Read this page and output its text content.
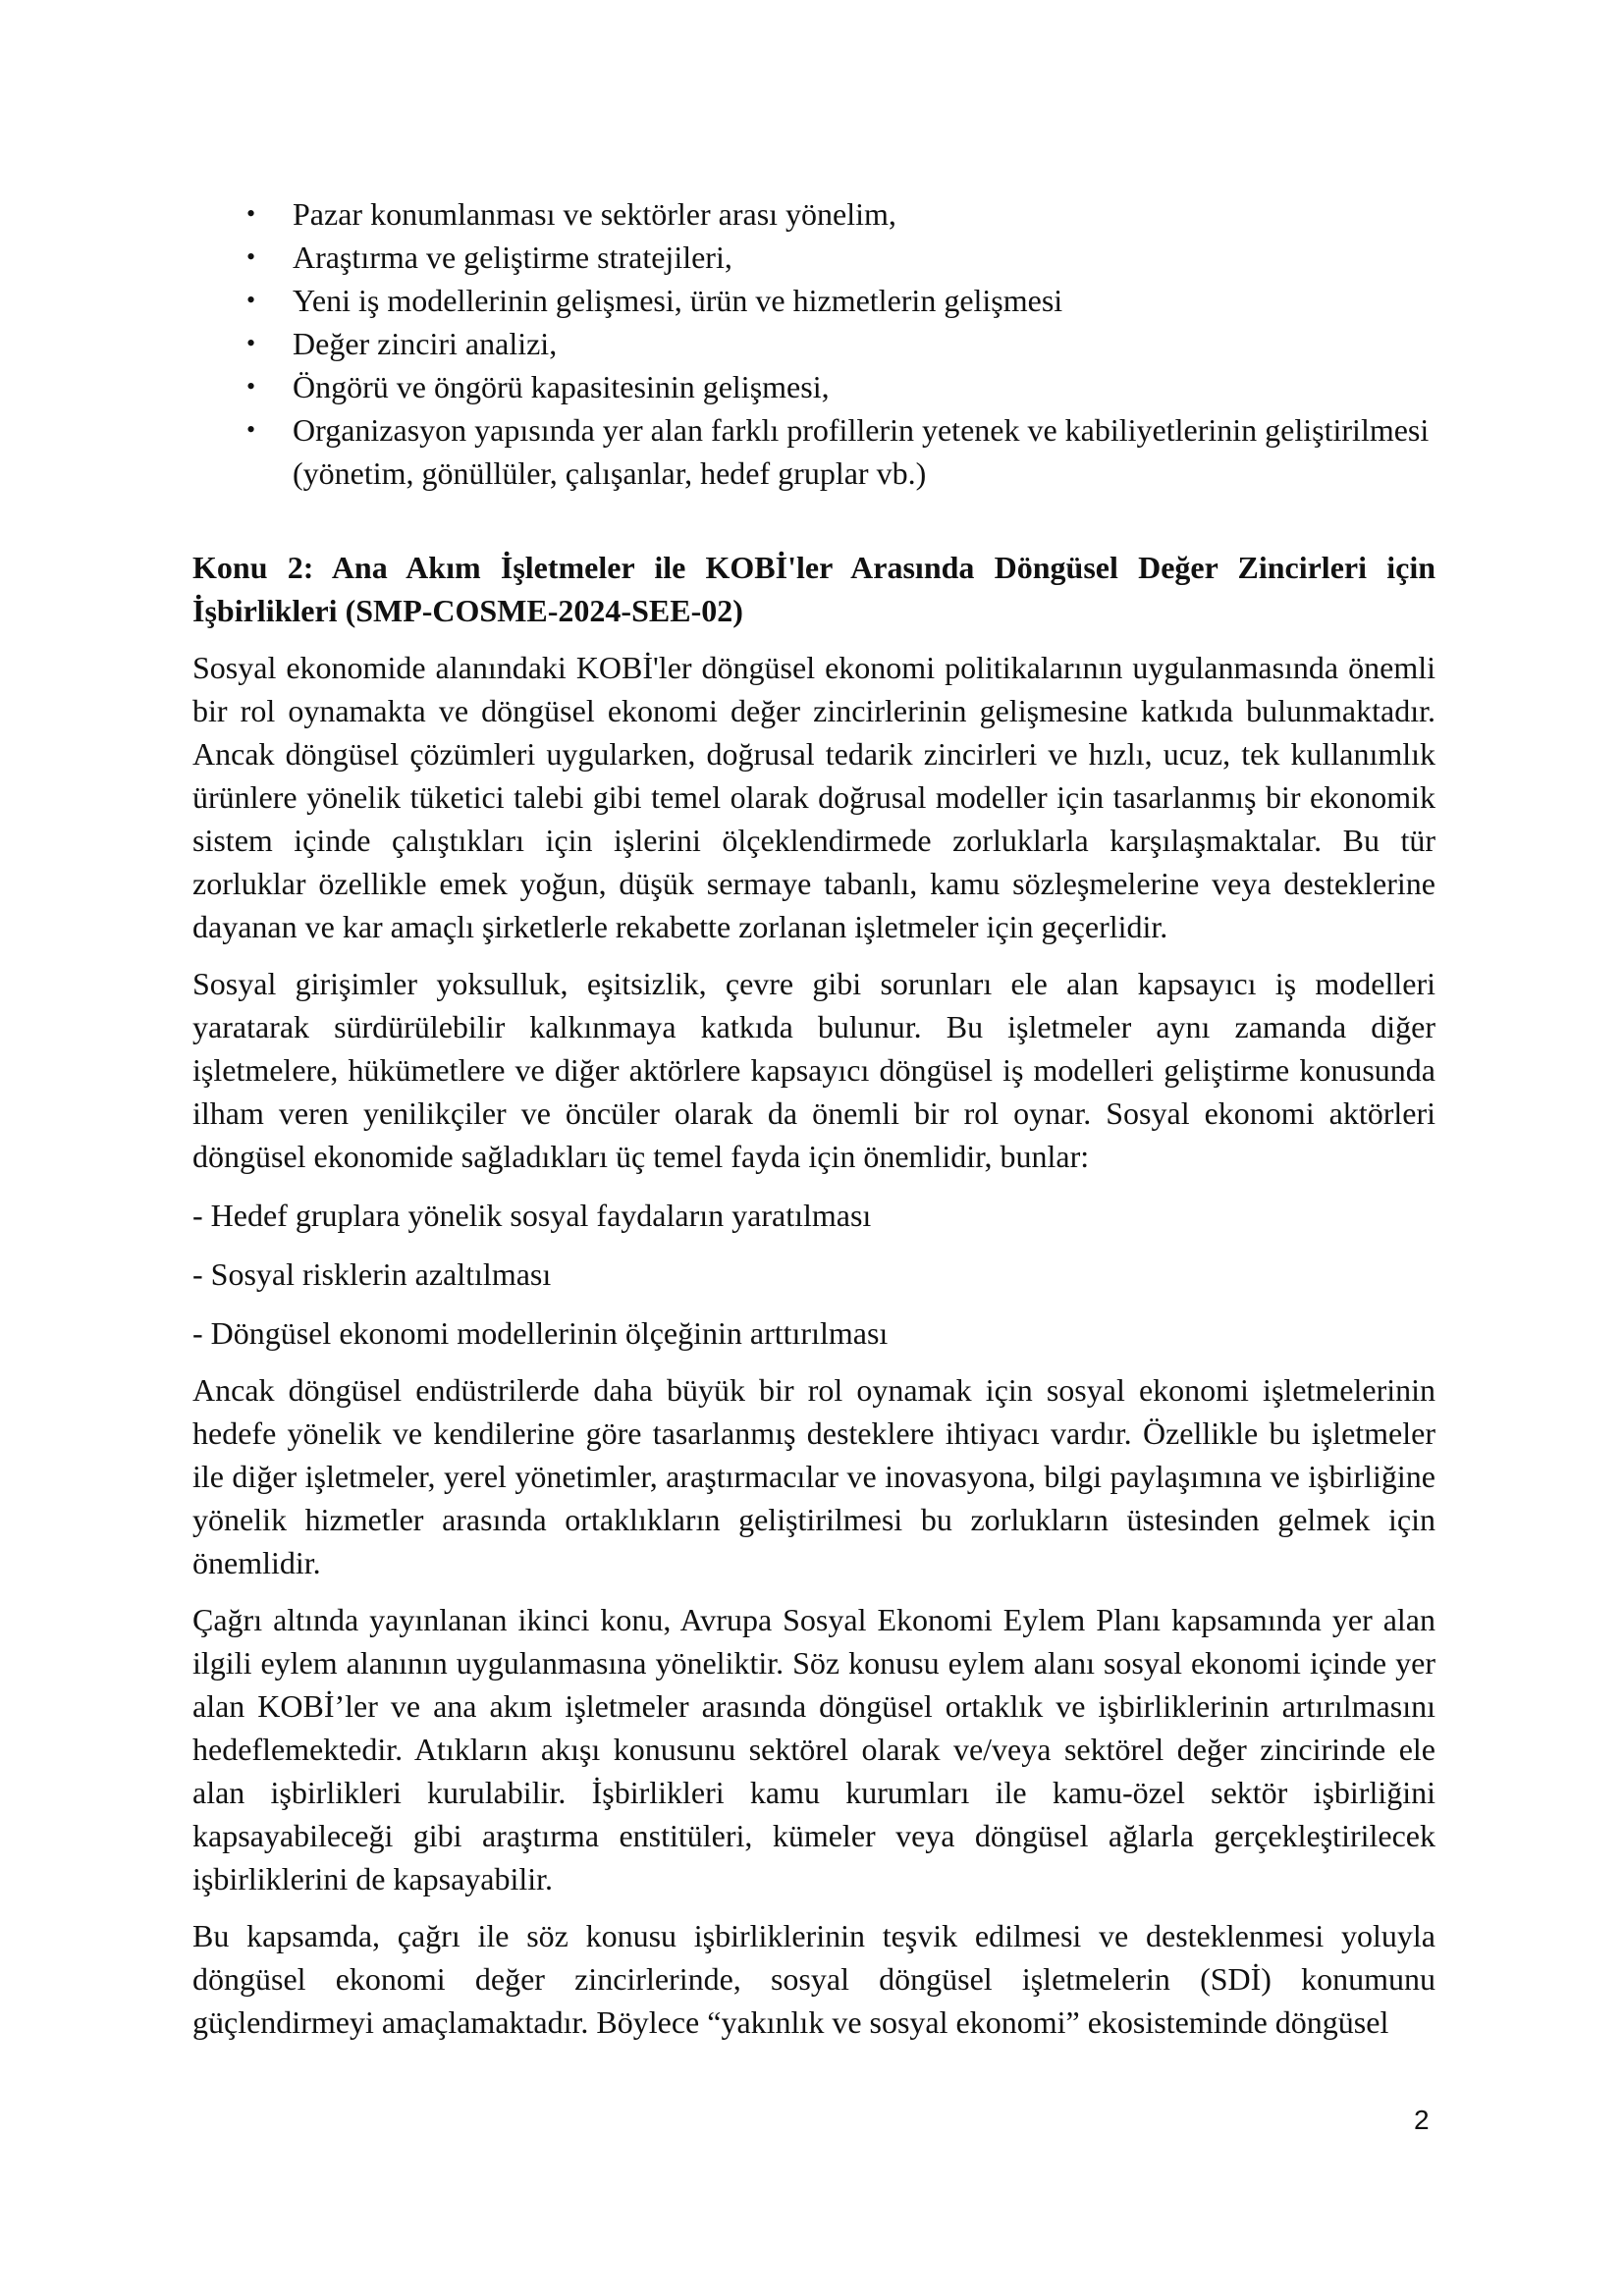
• Pazar konumlanması ve sektörler arası yönelim,
• Araştırma ve geliştirme stratejileri,
• Yeni iş modellerinin gelişmesi, ürün ve hizmetlerin gelişmesi
• Değer zinciri analizi,
• Öngörü ve öngörü kapasitesinin gelişmesi,
• Organizasyon yapısında yer alan farklı profillerin yetenek ve kabiliyetlerinin geliştirilmesi (yönetim, gönüllüler, çalışanlar, hedef gruplar vb.)
Konu 2: Ana Akım İşletmeler ile KOBİ'ler Arasında Döngüsel Değer Zincirleri için İşbirlikleri (SMP-COSME-2024-SEE-02)

Sosyal ekonomide alanındaki KOBİ'ler döngüsel ekonomi politikalarının uygulanmasında önemli bir rol oynamakta ve döngüsel ekonomi değer zincirlerinin gelişmesine katkıda bulunmaktadır. Ancak döngüsel çözümleri uygularken, doğrusal tedarik zincirleri ve hızlı, ucuz, tek kullanımlık ürünlere yönelik tüketici talebi gibi temel olarak doğrusal modeller için tasarlanmış bir ekonomik sistem içinde çalıştıkları için işlerini ölçeklendirmede zorluklarla karşılaşmaktalar. Bu tür zorluklar özellikle emek yoğun, düşük sermaye tabanlı, kamu sözleşmelerine veya desteklerine dayanan ve kar amaçlı şirketlerle rekabette zorlanan işletmeler için geçerlidir.

Sosyal girişimler yoksulluk, eşitsizlik, çevre gibi sorunları ele alan kapsayıcı iş modelleri yaratarak sürdürülebilir kalkınmaya katkıda bulunur. Bu işletmeler aynı zamanda diğer işletmelere, hükümetlere ve diğer aktörlere kapsayıcı döngüsel iş modelleri geliştirme konusunda ilham veren yenilikçiler ve öncüler olarak da önemli bir rol oynar. Sosyal ekonomi aktörleri döngüsel ekonomide sağladıkları üç temel fayda için önemlidir, bunlar:

- Hedef gruplara yönelik sosyal faydaların yaratılması

- Sosyal risklerin azaltılması

- Döngüsel ekonomi modellerinin ölçeğinin arttırılması

Ancak döngüsel endüstrilerde daha büyük bir rol oynamak için sosyal ekonomi işletmelerinin hedefe yönelik ve kendilerine göre tasarlanmış desteklere ihtiyacı vardır. Özellikle bu işletmeler ile diğer işletmeler, yerel yönetimler, araştırmacılar ve inovasyona, bilgi paylaşımına ve işbirliğine yönelik hizmetler arasında ortaklıkların geliştirilmesi bu zorlukların üstesinden gelmek için önemlidir.

Çağrı altında yayınlanan ikinci konu, Avrupa Sosyal Ekonomi Eylem Planı kapsamında yer alan ilgili eylem alanının uygulanmasına yöneliktir. Söz konusu eylem alanı sosyal ekonomi içinde yer alan KOBİ’ler ve ana akım işletmeler arasında döngüsel ortaklık ve işbirliklerinin artırılmasını hedeflemektedir. Atıkların akışı konusunu sektörel olarak ve/veya sektörel değer zincirinde ele alan işbirlikleri kurulabilir. İşbirlikleri kamu kurumları ile kamu-özel sektör işbirliğini kapsayabileceği gibi araştırma enstitüleri, kümeler veya döngüsel ağlarla gerçekleştirilecek işbirliklerini de kapsayabilir.

Bu kapsamda, çağrı ile söz konusu işbirliklerinin teşvik edilmesi ve desteklenmesi yoluyla döngüsel ekonomi değer zincirlerinde, sosyal döngüsel işletmelerin (SDİ) konumunu güçlendirmeyi amaçlamaktadır. Böylece “yakınlık ve sosyal ekonomi” ekosisteminde döngüsel

2
